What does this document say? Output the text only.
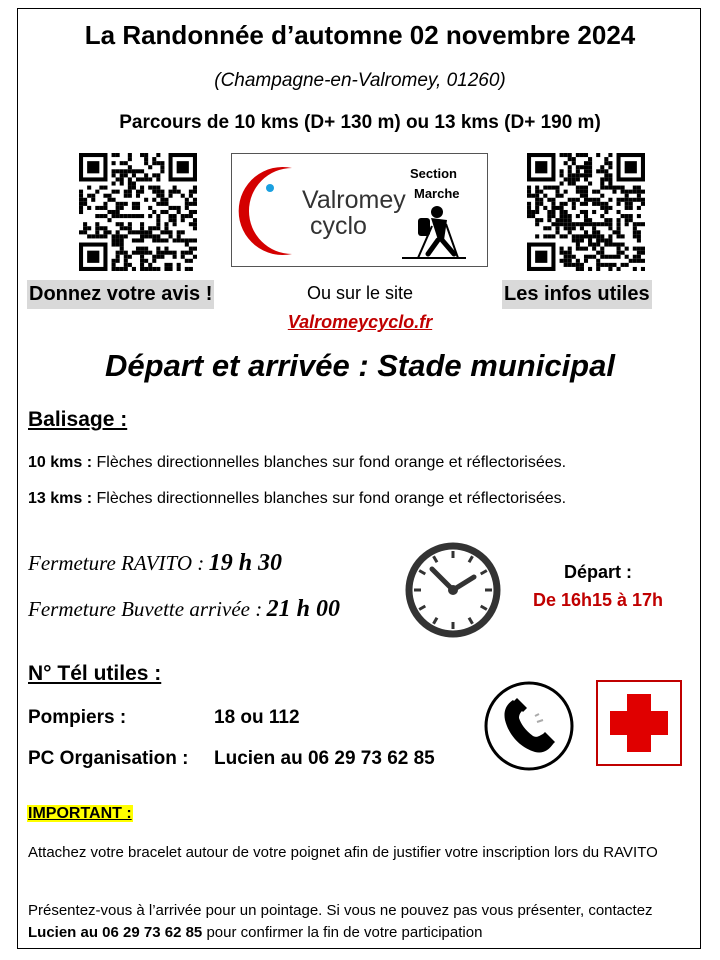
La Randonnée d’automne 02 novembre 2024
(Champagne-en-Valromey, 01260)
Parcours de 10 kms (D+ 130 m) ou 13 kms (D+ 190 m)
Valromey
cyclo
Section
Marche
Donnez votre avis !	Ou sur le site
Valromeycyclo.fr
Les infos utiles
Départ et arrivée : Stade municipal
Balisage :
10 kms : Flèches directionnelles blanches sur fond orange et réflectorisées.
13 kms : Flèches directionnelles blanches sur fond orange et réflectorisées.
Fermeture RAVITO : 19 h 30
Fermeture Buvette arrivée : 21 h 00
Départ :
De 16h15 à 17h
N° Tél utiles :
Pompiers :	18 ou 112
PC Organisation : Lucien au 06 29 73 62 85
IMPORTANT :
Attachez votre bracelet autour de votre poignet afin de justifier votre inscription lors du RAVITO
Présentez-vous à l’arrivée pour un pointage. Si vous ne pouvez pas vous présenter, contactez Lucien au 06 29 73 62 85 pour confirmer la fin de votre participation
